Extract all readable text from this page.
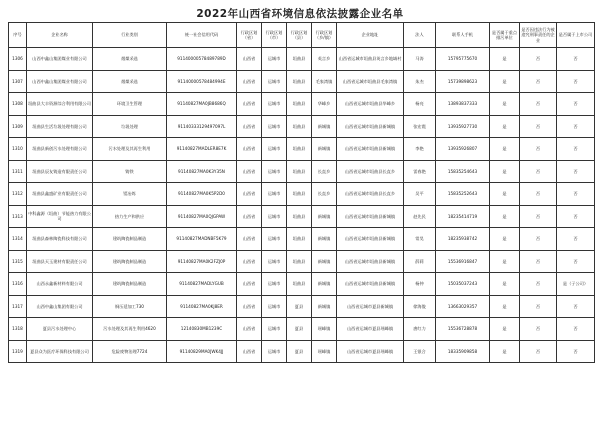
2022年山西省环境信息依法披露企业名单
序号	企业名称	行业类别	统一社会信用代码	行政区划（省）	行政区划（市）	行政区划（县）	行政区划（乡/镇）	企业地址	法人	联系人手机	是否属于重点排污单位	是否因违法行为被追究刑事责任的企业	是否属于上市公司
1306	山西中鑫山集团煤业有限公司	烟煤采选	91140000578489789D	山西省	运城市	垣曲县	英言乡	山西省运城市垣曲县英言乡地域村	马涛	15795775670	是	否	否
1307	山西中鑫山集团煤业有限公司	烟煤采选	91140000578484994E	山西省	运城市	垣曲县	毛家湾镇	山西省运城市垣曲县毛家湾镇	朱杰	15739898623	是	否	否
1308	垣曲县大丰资源综合利用有限公司	环境卫生管理	91140827MA0JB8686Q	山西省	运城市	垣曲县	华峰乡	山西省运城市垣曲县华峰乡	杨亮	13893837333	是	否	否
1309	垣曲县生活垃圾处理有限公司	垃圾处理	91140333129497097L	山西省	运城市	垣曲县	新城镇	山西省运城市垣曲县新城镇	张宏霞	13935927730	是	否	否
1310	垣曲县新创污水处理有限公司	污水处理及其再生利用	91140827MADLER8E7K	山西省	运城市	垣曲县	新城镇	山西省运城市垣曲县新城镇	李艳	13935926807	是	否	否
1311	垣曲县辰友铸造有限责任公司	铸铁	91140827MA0K3Y35N	山西省	运城市	垣曲县	长直乡	山西省运城市垣曲县长直乡	雷春艳	15835254643	是	否	否
1312	垣曲县鑫盛矿业有限责任公司	镁冶炼	91140827MA0K5P2D0	山西省	运城市	垣曲县	长直乡	山西省运城市垣曲县长直乡	吴平	15835252643	是	否	否
1313	中科鑫源（垣曲）节能热力有限公司	热力生产和供应	91140827MA0QJGPAW	山西省	运城市	垣曲县	新城镇	山西省运城市垣曲县新城镇	赵先民	18235414719	是	否	否
1314	垣曲县森林陶瓷科技有限公司	建筑陶瓷制品制造	91140827MADNBF5K79	山西省	运城市	垣曲县	新城镇	山西省运城市垣曲县新城镇	常昊	18235938742	是	否	否
1315	垣曲县天玉建材有限责任公司	建筑陶瓷制品制造	91140827MA0K2FZJ0P	山西省	运城市	垣曲县	新城镇	山西省运城市垣曲县新城镇	薛莉	15536916847	是	否	否
1316	山西永鑫新材料有限公司	建筑陶瓷制品制造	91140827MADLYGUB	山西省	运城市	垣曲县	新城镇	山西省运城市垣曲县新城镇	杨仲	15035037243	是	否	是（子公司）
1317	山西中鑫山集团有限公司	铜压延加工730	91140827MA0KJ8ER	山西省	运城市	夏县	新城镇	山西省运城市夏县新城镇	徐海俊	13663029357	是	否	否
1318	夏县污水处理中心	污水处理及其再生利用4620	12140830MB1239C	山西省	运城市	夏县	瑶峰镇	山西省运城市夏县瑶峰镇	唐红力	15536728878	是	否	否
1319	夏县众为医疗环保科技有限公司	危险废物治理7724	91140829MA0JWK4JJ	山西省	运城市	夏县	瑶峰镇	山西省运城市夏县瑶峰镇	王银合	18335909858	是	否	否
